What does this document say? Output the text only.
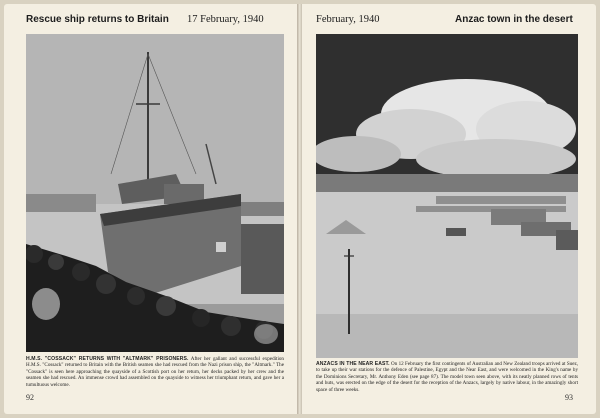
Rescue ship returns to Britain 17 February, 1940
H.M.S. "COSSACK" RETURNS WITH "ALTMARK" PRISONERS. After her gallant and successful expedition H.M.S. "Cossack" returned to Britain with the British seamen she had rescued from the Nazi prison ship, the "Altmark." The "Cossack" is seen here approaching the quayside of a Scottish port on her return, her decks packed by her crew and the seamen she had rescued. An immense crowd had assembled on the quayside to witness her triumphant return, and gave her a tumultuous welcome.
92
February, 1940	Anzac town in the desert
ANZACS IN THE NEAR EAST. On 12 February the first contingents of Australian and New Zealand troops arrived at Suez, to take up their war stations for the defence of Palestine, Egypt and the Near East, and were welcomed in the King's name by the Dominions Secretary, Mr. Anthony Eden (see page 87). The model town seen above, with its neatly planned rows of tents and huts, was erected on the edge of the desert for the reception of the Anzacs, largely by native labour, in the amazingly short space of three weeks.
93
